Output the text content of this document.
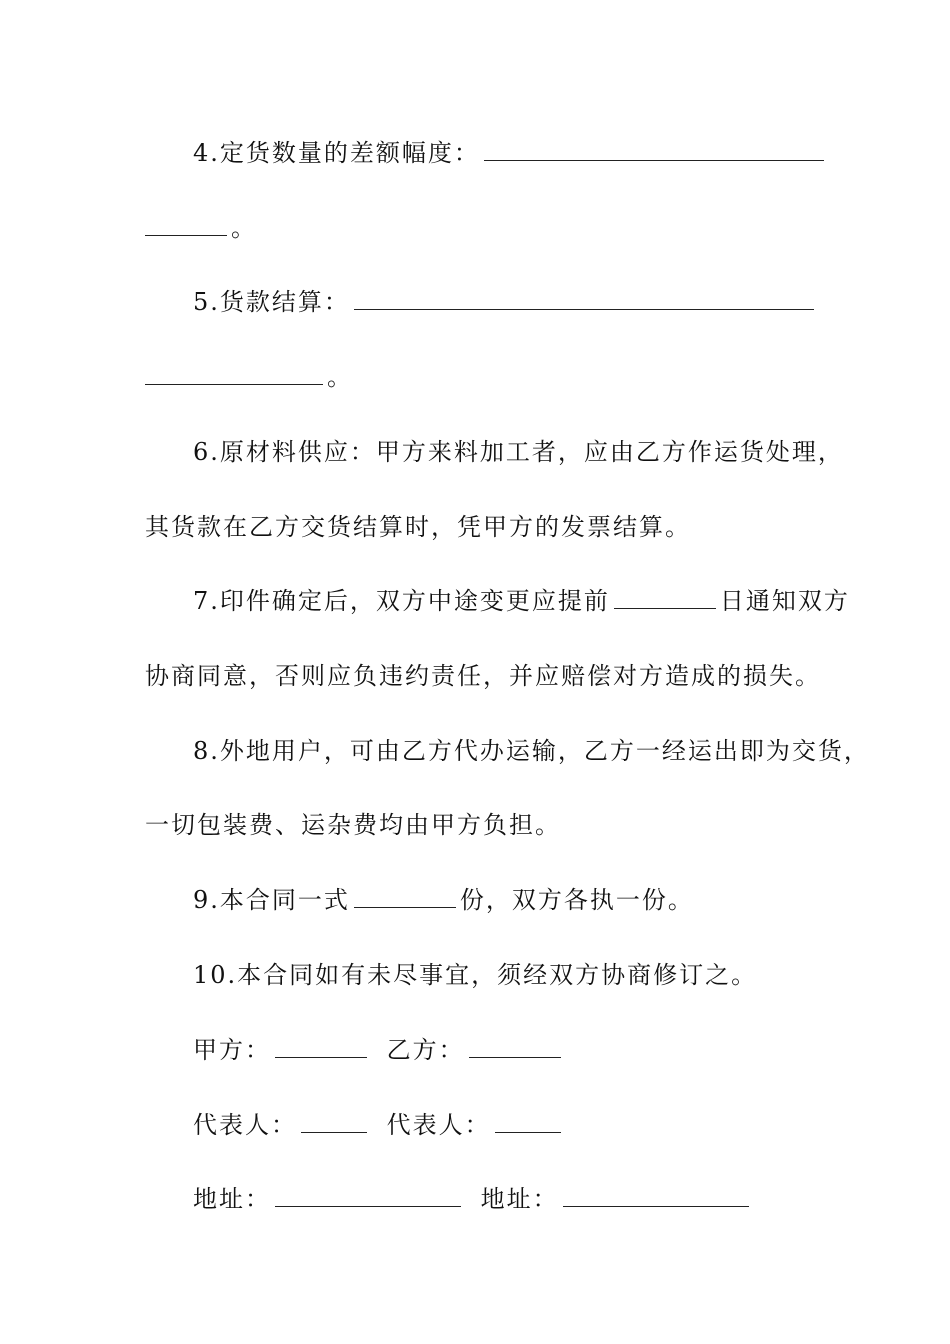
4.定货数量的差额幅度：
。
5.货款结算：
。
6.原材料供应：甲方来料加工者，应由乙方作运货处理，
其货款在乙方交货结算时，凭甲方的发票结算。
7.印件确定后，双方中途变更应提前	日通知双方
协商同意，否则应负违约责任，并应赔偿对方造成的损失。
8.外地用户，可由乙方代办运输，乙方一经运出即为交货，
一切包装费、运杂费均由甲方负担。
9.本合同一式	份，双方各执一份。
10.本合同如有未尽事宜，须经双方协商修订之。
甲方：	乙方：
代表人：	代表人：
地址：	地址：
